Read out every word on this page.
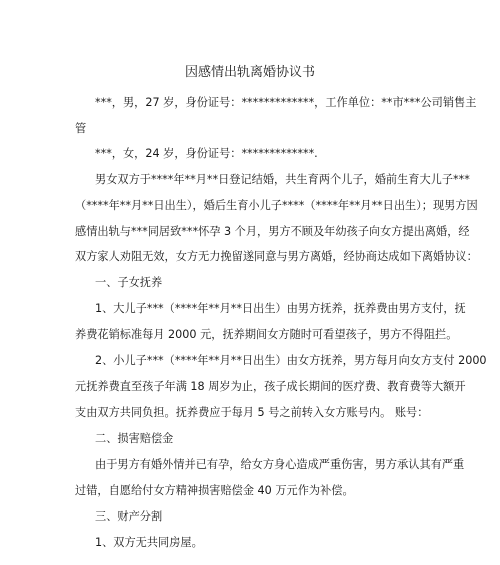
因感情出轨离婚协议书
***，男，27 岁，身份证号：*************，工作单位：**市***公司销售主
管
***，女，24 岁，身份证号：*************.
男女双方于****年**月**日登记结婚，共生育两个儿子，婚前生育大儿子***
（****年**月**日出生），婚后生育小儿子****（****年**月**日出生）；现男方因
感情出轨与***同居致***怀孕 3 个月，男方不顾及年幼孩子向女方提出离婚，经
双方家人劝阻无效，女方无力挽留遂同意与男方离婚，经协商达成如下离婚协议：
一、子女抚养
1、大儿子***（****年**月**日出生）由男方抚养，抚养费由男方支付，抚
养费花销标准每月 2000 元，抚养期间女方随时可看望孩子，男方不得阻拦。
2、小儿子***（****年**月**日出生）由女方抚养，男方每月向女方支付 2000
元抚养费直至孩子年满 18 周岁为止，孩子成长期间的医疗费、教育费等大额开
支由双方共同负担。抚养费应于每月 5 号之前转入女方账号内。 账号：
二、损害赔偿金
由于男方有婚外情并已有孕，给女方身心造成严重伤害，男方承认其有严重
过错，自愿给付女方精神损害赔偿金 40 万元作为补偿。
三、财产分割
1、双方无共同房屋。
